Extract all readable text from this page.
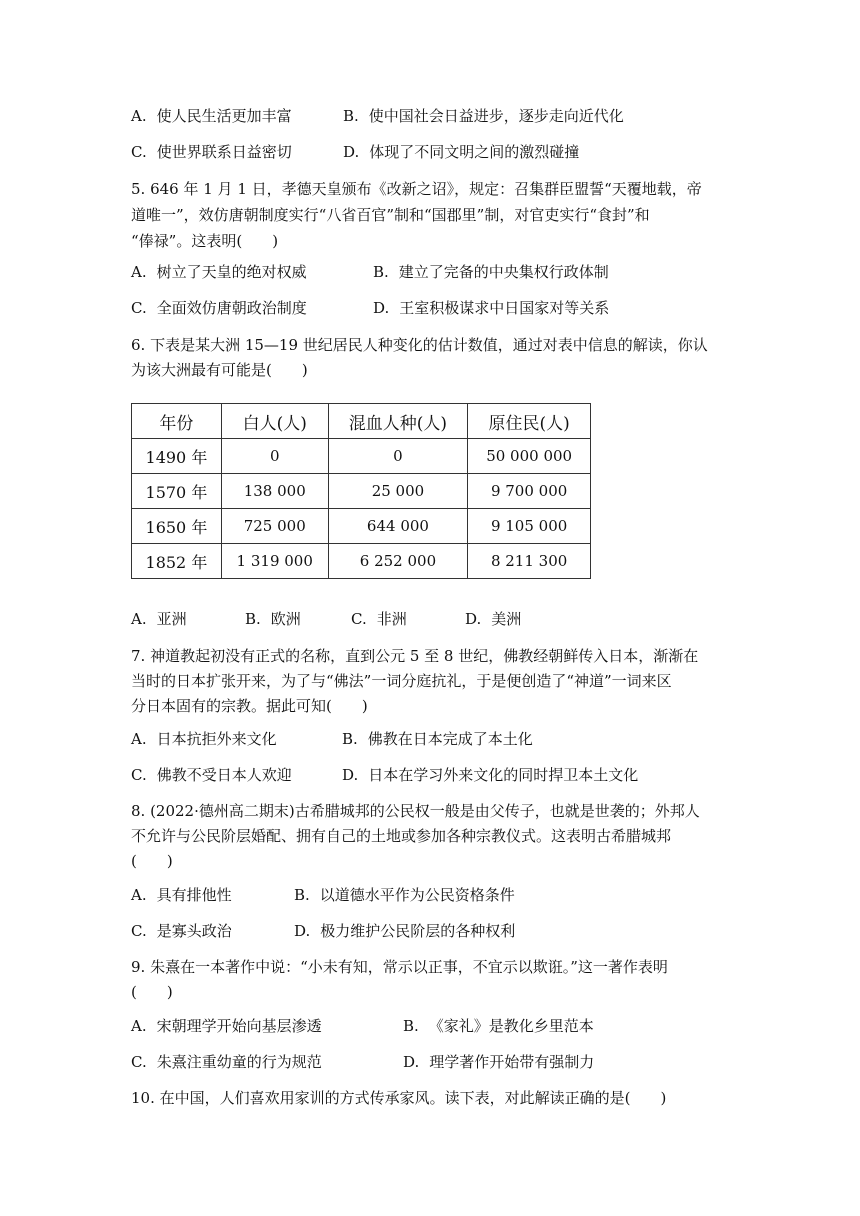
A. 使人民生活更加丰富	B. 使中国社会日益进步，逐步走向近代化
C. 使世界联系日益密切	D. 体现了不同文明之间的激烈碰撞
5. 646 年 1 月 1 日，孝德天皇颁布《改新之诏》，规定：召集群臣盟誓“天覆地载，帝
道唯一”，效仿唐朝制度实行“八省百官”制和“国郡里”制，对官吏实行“食封”和
“俸禄”。这表明(　　)
A. 树立了天皇的绝对权威	B. 建立了完备的中央集权行政体制
C. 全面效仿唐朝政治制度	D. 王室积极谋求中日国家对等关系
6. 下表是某大洲 15—19 世纪居民人种变化的估计数值，通过对表中信息的解读，你认
为该大洲最有可能是(　　)
年份	白人(人)	混血人种(人)	原住民(人)
1490 年	0	0	50 000 000
1570 年	138 000	25 000	9 700 000
1650 年	725 000	644 000	9 105 000
1852 年	1 319 000	6 252 000	8 211 300
A. 亚洲	B. 欧洲	C. 非洲	D. 美洲
7. 神道教起初没有正式的名称，直到公元 5 至 8 世纪，佛教经朝鲜传入日本，渐渐在
当时的日本扩张开来，为了与“佛法”一词分庭抗礼，于是便创造了“神道”一词来区
分日本固有的宗教。据此可知(　　)
A. 日本抗拒外来文化	B. 佛教在日本完成了本土化
C. 佛教不受日本人欢迎	D. 日本在学习外来文化的同时捍卫本土文化
8. (2022·德州高二期末)古希腊城邦的公民权一般是由父传子，也就是世袭的；外邦人
不允许与公民阶层婚配、拥有自己的土地或参加各种宗教仪式。这表明古希腊城邦
(　　)
A. 具有排他性	B. 以道德水平作为公民资格条件
C. 是寡头政治	D. 极力维护公民阶层的各种权利
9. 朱熹在一本著作中说：“小未有知，常示以正事，不宜示以欺诳。”这一著作表明
(　　)
A. 宋朝理学开始向基层渗透	B. 《家礼》是教化乡里范本
C. 朱熹注重幼童的行为规范	D. 理学著作开始带有强制力
10. 在中国，人们喜欢用家训的方式传承家风。读下表，对此解读正确的是(　　)
